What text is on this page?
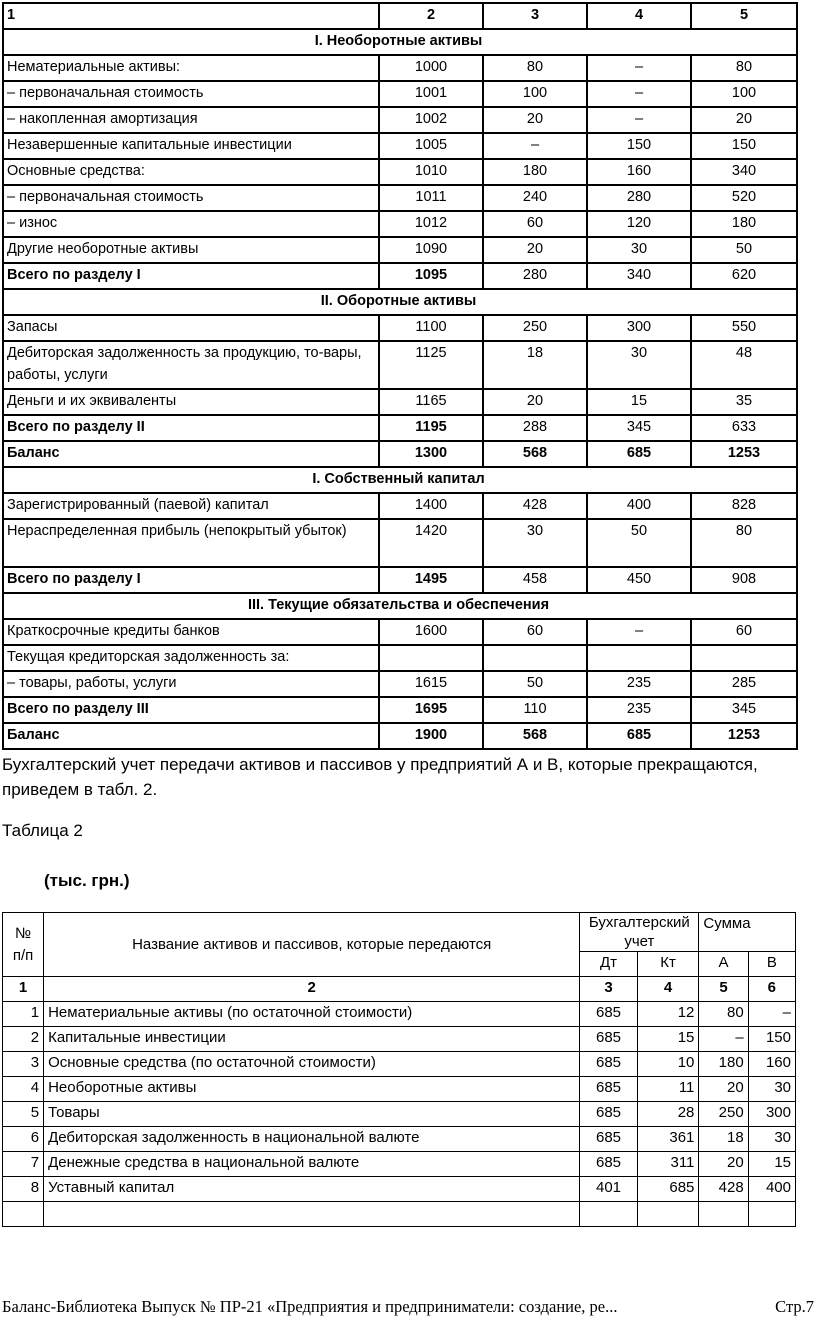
1	2	3	4	5
I. Необоротные активы				
Нематериальные активы:	1000	80	–	80
– первоначальная стоимость	1001	100	–	100
– накопленная амортизация	1002	20	–	20
Незавершенные капитальные инвестиции	1005	–	150	150
Основные средства:	1010	180	160	340
– первоначальная стоимость	1011	240	280	520
– износ	1012	60	120	180
Другие необоротные активы	1090	20	30	50
Всего по разделу I	1095	280	340	620
II. Оборотные активы				
Запасы	1100	250	300	550
Дебиторская задолженность за продукцию, то-вары, работы, услуги	1125	18	30	48
Деньги и их эквиваленты	1165	20	15	35
Всего по разделу II	1195	288	345	633
Баланс	1300	568	685	1253
I. Собственный капитал				
Зарегистрированный (паевой) капитал	1400	428	400	828
Нераспределенная прибыль (непокрытый убыток)	1420	30	50	80
Всего по разделу I	1495	458	450	908
III. Текущие обязательства и обеспечения				
Краткосрочные кредиты банков	1600	60	–	60
Текущая кредиторская задолженность за:				
– товары, работы, услуги	1615	50	235	285
Всего по разделу III	1695	110	235	345
Баланс	1900	568	685	1253
Бухгалтерский учет передачи активов и пассивов у предприятий А и В, которые прекращаются, приведем в табл. 2.
Таблица 2
(тыс. грн.)
№ п/п	Название активов и пассивов, которые передаются	Бухгалтерский учет		Сумма	
		Дт	Кт	А	В
1	2	3	4	5	6
1	Нематериальные активы (по остаточной стоимости)	685	12	80	–
2	Капитальные инвестиции	685	15	–	150
3	Основные средства (по остаточной стоимости)	685	10	180	160
4	Необоротные активы	685	11	20	30
5	Товары	685	28	250	300
6	Дебиторская задолженность в национальной валюте	685	361	18	30
7	Денежные средства в национальной валюте	685	311	20	15
8	Уставный капитал	401	685	428	400

Баланс-Библиотека Выпуск № ПР-21 «Предприятия и предприниматели: создание, ре...	Стр.7
